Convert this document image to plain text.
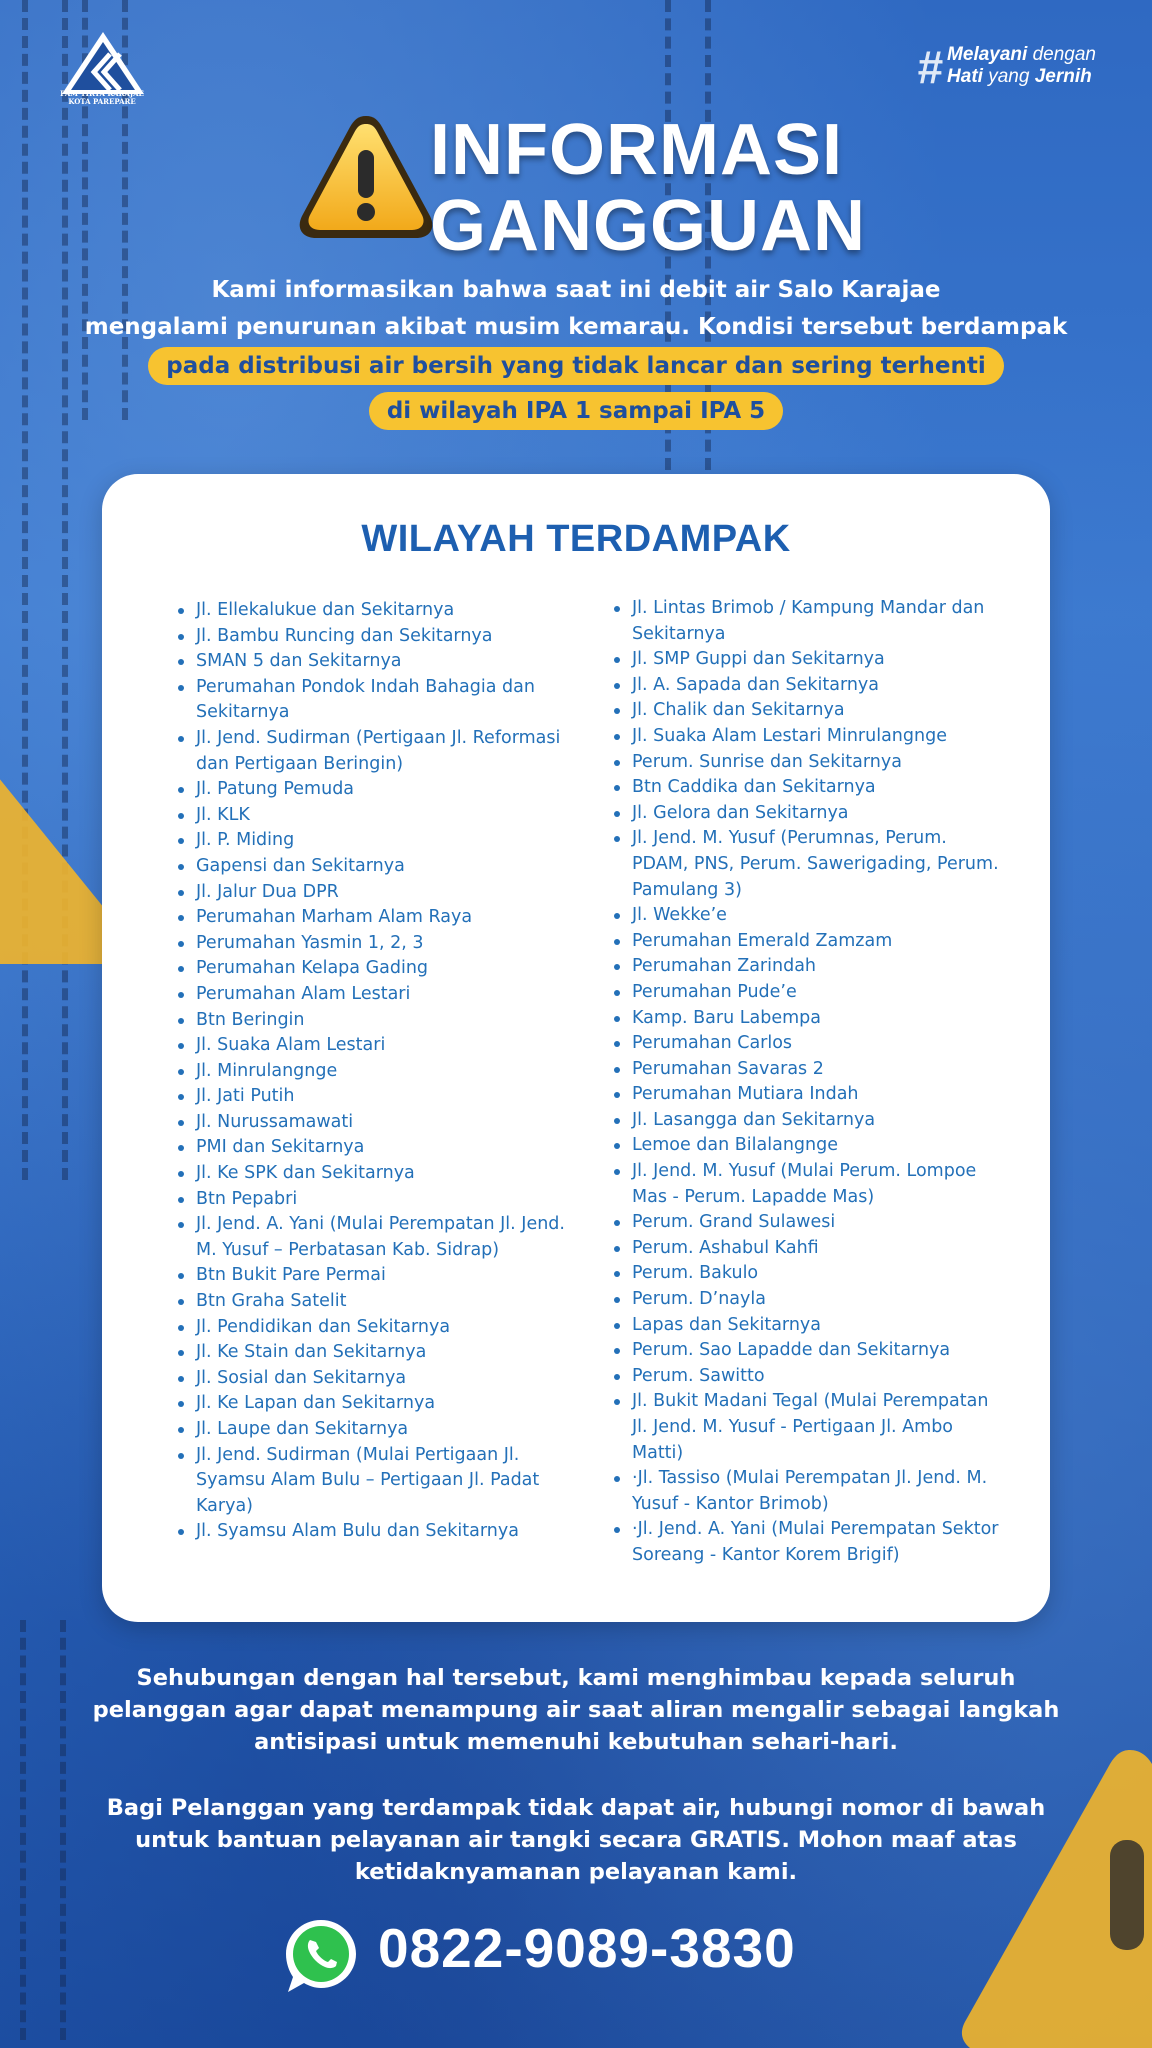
PAM TIRTA KARAJAE KOTA PAREPARE
# Melayani dengan
Hati yang Jernih
INFORMASI
GANGGUAN
Kami informasikan bahwa saat ini debit air Salo Karajae
mengalami penurunan akibat musim kemarau. Kondisi tersebut berdampak
pada distribusi air bersih yang tidak lancar dan sering terhenti
di wilayah IPA 1 sampai IPA 5
WILAYAH TERDAMPAK
Jl. Ellekalukue dan Sekitarnya
Jl. Bambu Runcing dan Sekitarnya
SMAN 5 dan Sekitarnya
Perumahan Pondok Indah Bahagia dan Sekitarnya
Jl. Jend. Sudirman (Pertigaan Jl. Reformasi dan Pertigaan Beringin)
Jl. Patung Pemuda
Jl. KLK
Jl. P. Miding
Gapensi dan Sekitarnya
Jl. Jalur Dua DPR
Perumahan Marham Alam Raya
Perumahan Yasmin 1, 2, 3
Perumahan Kelapa Gading
Perumahan Alam Lestari
Btn Beringin
Jl. Suaka Alam Lestari
Jl. Minrulangnge
Jl. Jati Putih
Jl. Nurussamawati
PMI dan Sekitarnya
Jl. Ke SPK dan Sekitarnya
Btn Pepabri
Jl. Jend. A. Yani (Mulai Perempatan Jl. Jend. M. Yusuf – Perbatasan Kab. Sidrap)
Btn Bukit Pare Permai
Btn Graha Satelit
Jl. Pendidikan dan Sekitarnya
Jl. Ke Stain dan Sekitarnya
Jl. Sosial dan Sekitarnya
Jl. Ke Lapan dan Sekitarnya
Jl. Laupe dan Sekitarnya
Jl. Jend. Sudirman (Mulai Pertigaan Jl. Syamsu Alam Bulu – Pertigaan Jl. Padat Karya)
Jl. Syamsu Alam Bulu dan Sekitarnya
Jl. Lintas Brimob / Kampung Mandar dan Sekitarnya
Jl. SMP Guppi dan Sekitarnya
Jl. A. Sapada dan Sekitarnya
Jl. Chalik dan Sekitarnya
Jl. Suaka Alam Lestari Minrulangnge
Perum. Sunrise dan Sekitarnya
Btn Caddika dan Sekitarnya
Jl. Gelora dan Sekitarnya
Jl. Jend. M. Yusuf (Perumnas, Perum. PDAM, PNS, Perum. Sawerigading, Perum. Pamulang 3)
Jl. Wekke’e
Perumahan Emerald Zamzam
Perumahan Zarindah
Perumahan Pude’e
Kamp. Baru Labempa
Perumahan Carlos
Perumahan Savaras 2
Perumahan Mutiara Indah
Jl. Lasangga dan Sekitarnya
Lemoe dan Bilalangnge
Jl. Jend. M. Yusuf (Mulai Perum. Lompoe Mas - Perum. Lapadde Mas)
Perum. Grand Sulawesi
Perum. Ashabul Kahfi
Perum. Bakulo
Perum. D’nayla
Lapas dan Sekitarnya
Perum. Sao Lapadde dan Sekitarnya
Perum. Sawitto
Jl. Bukit Madani Tegal (Mulai Perempatan Jl. Jend. M. Yusuf - Pertigaan Jl. Ambo Matti)
·Jl. Tassiso (Mulai Perempatan Jl. Jend. M. Yusuf - Kantor Brimob)
·Jl. Jend. A. Yani (Mulai Perempatan Sektor Soreang - Kantor Korem Brigif)
Sehubungan dengan hal tersebut, kami menghimbau kepada seluruh
pelanggan agar dapat menampung air saat aliran mengalir sebagai langkah
antisipasi untuk memenuhi kebutuhan sehari-hari.
Bagi Pelanggan yang terdampak tidak dapat air, hubungi nomor di bawah
untuk bantuan pelayanan air tangki secara GRATIS. Mohon maaf atas
ketidaknyamanan pelayanan kami.
0822-9089-3830
